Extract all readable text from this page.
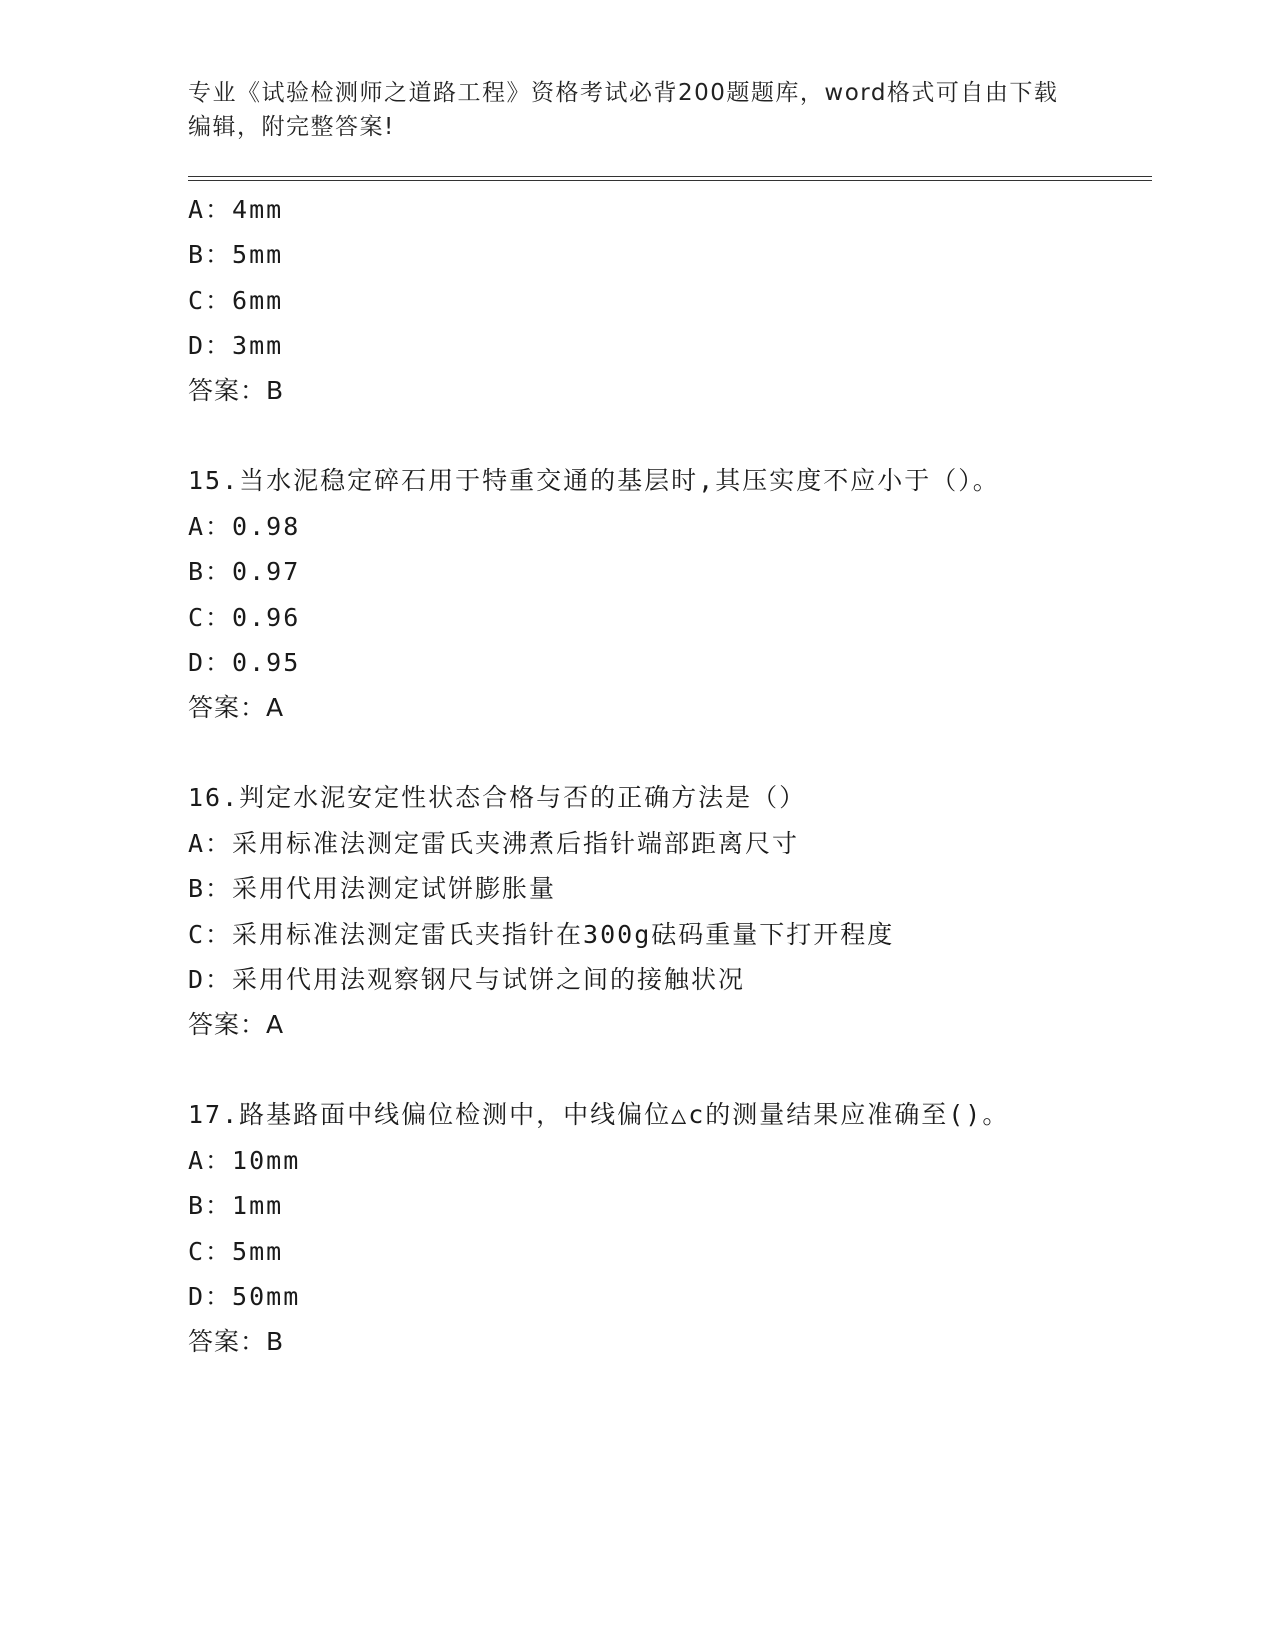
专业《试验检测师之道路工程》资格考试必背200题题库，word格式可自由下载
编辑，附完整答案!
A：4mm
B：5mm
C：6mm
D：3mm
答案：B
15.当水泥稳定碎石用于特重交通的基层时,其压实度不应小于（）。
A：0.98
B：0.97
C：0.96
D：0.95
答案：A
16.判定水泥安定性状态合格与否的正确方法是（）
A：采用标准法测定雷氏夹沸煮后指针端部距离尺寸
B：采用代用法测定试饼膨胀量
C：采用标准法测定雷氏夹指针在300g砝码重量下打开程度
D：采用代用法观察钢尺与试饼之间的接触状况
答案：A
17.路基路面中线偏位检测中，中线偏位△c的测量结果应准确至()。
A：10mm
B：1mm
C：5mm
D：50mm
答案：B
